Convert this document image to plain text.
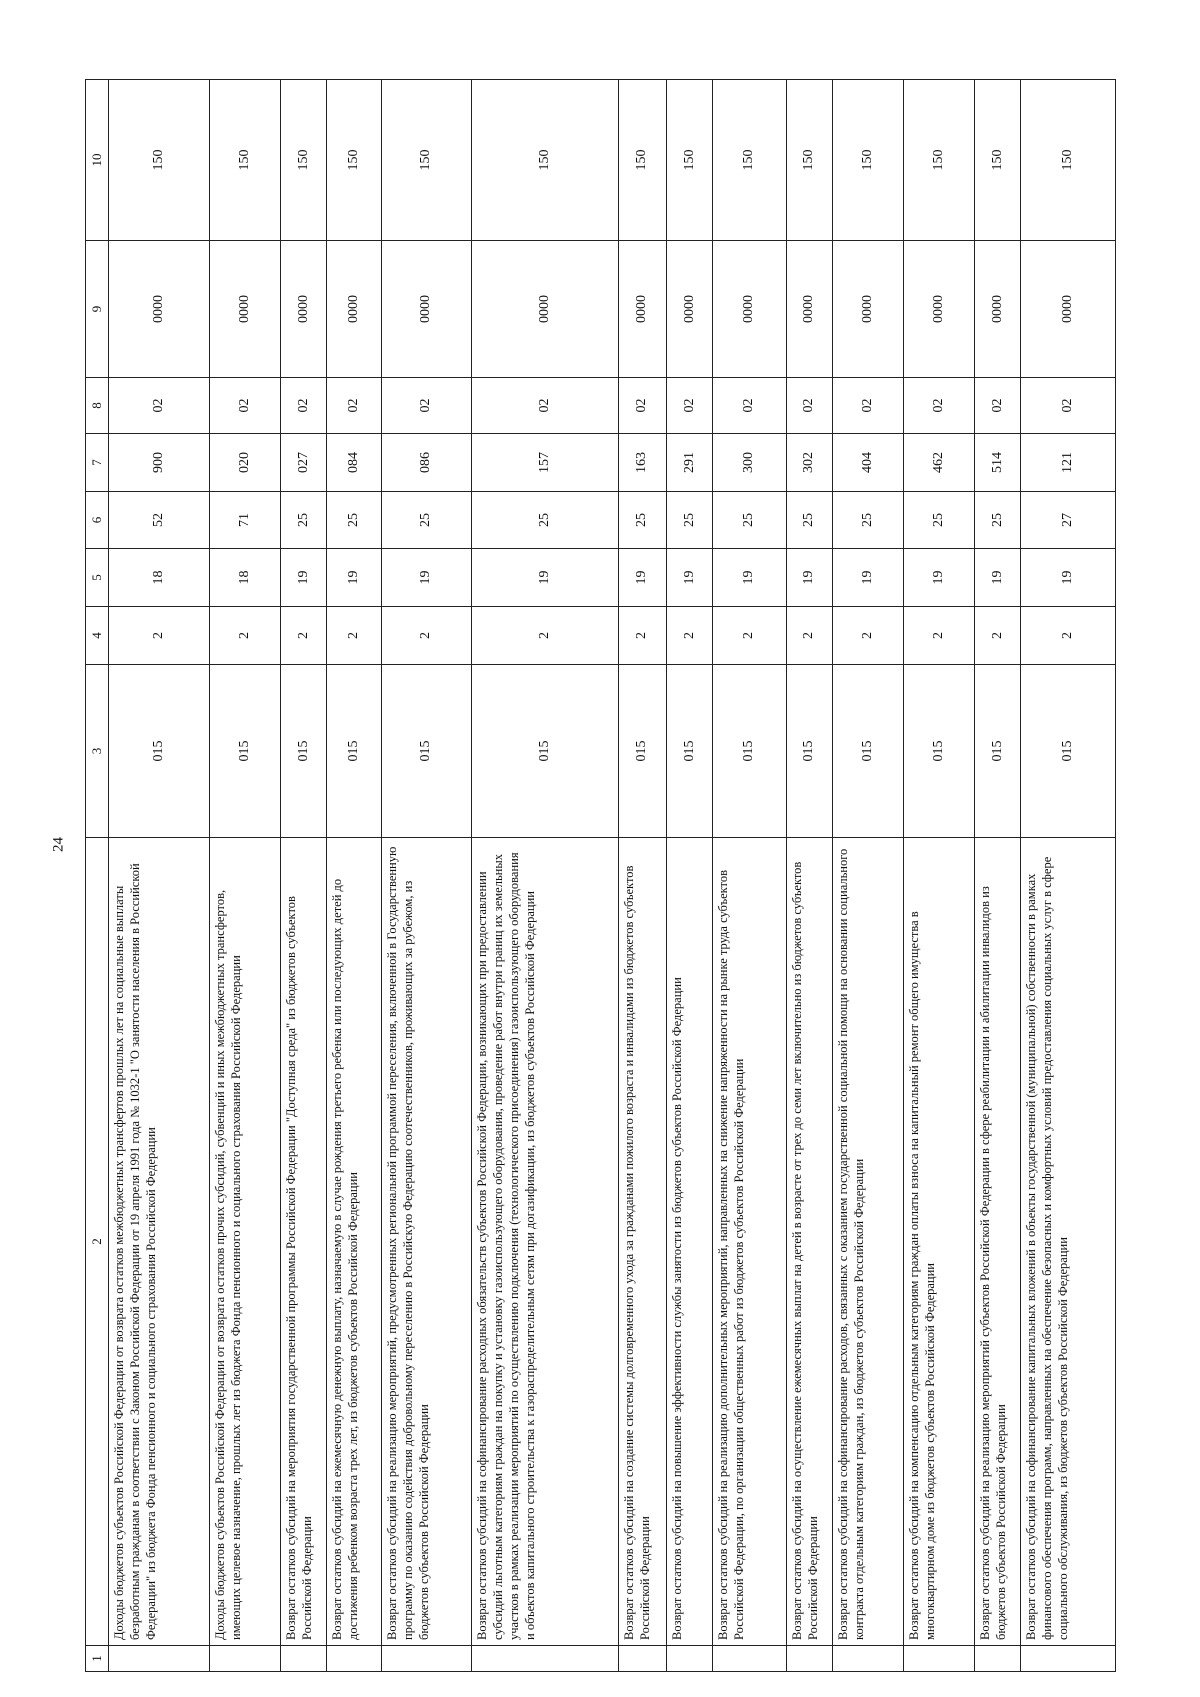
24
1	2	3	4	5	6	7	8	9	10
	Доходы бюджетов субъектов Российской Федерации от возврата остатков межбюджетных трансфертов прошлых лет на социальные выплаты безработным гражданам в соответствии с Законом Российской Федерации от 19 апреля 1991 года № 1032-1 "О занятости населения в Российской Федерации" из бюджета Фонда пенсионного и социального страхования Российской Федерации	015	2	18	52	900	02	0000	150
	Доходы бюджетов субъектов Российской Федерации от возврата остатков прочих субсидий, субвенций и иных межбюджетных трансфертов, имеющих целевое назначение, прошлых лет из бюджета Фонда пенсионного и социального страхования Российской Федерации	015	2	18	71	020	02	0000	150
	Возврат остатков субсидий на мероприятия государственной программы Российской Федерации "Доступная среда" из бюджетов субъектов Российской Федерации	015	2	19	25	027	02	0000	150
	Возврат остатков субсидий на ежемесячную денежную выплату, назначаемую в случае рождения третьего ребенка или последующих детей до достижения ребенком возраста трех лет, из бюджетов субъектов Российской Федерации	015	2	19	25	084	02	0000	150
	Возврат остатков субсидий на реализацию мероприятий, предусмотренных региональной программой переселения, включенной в Государственную программу по оказанию содействия добровольному переселению в Российскую Федерацию соотечественников, проживающих за рубежом, из бюджетов субъектов Российской Федерации	015	2	19	25	086	02	0000	150
	Возврат остатков субсидий на софинансирование расходных обязательств субъектов Российской Федерации, возникающих при предоставлении субсидий льготным категориям граждан на покупку и установку газоиспользующего оборудования, проведение работ внутри границ их земельных участков в рамках реализации мероприятий по осуществлению подключения (технологического присоединения) газоиспользующего оборудования и объектов капитального строительства к газораспределительным сетям при догазификации, из бюджетов субъектов Российской Федерации	015	2	19	25	157	02	0000	150
	Возврат остатков субсидий на создание системы долговременного ухода за гражданами пожилого возраста и инвалидами из бюджетов субъектов Российской Федерации	015	2	19	25	163	02	0000	150
	Возврат остатков субсидий на повышение эффективности службы занятости из бюджетов субъектов Российской Федерации	015	2	19	25	291	02	0000	150
	Возврат остатков субсидий на реализацию дополнительных мероприятий, направленных на снижение напряженности на рынке труда субъектов Российской Федерации, по организации общественных работ из бюджетов субъектов Российской Федерации	015	2	19	25	300	02	0000	150
	Возврат остатков субсидий на осуществление ежемесячных выплат на детей в возрасте от трех до семи лет включительно из бюджетов субъектов Российской Федерации	015	2	19	25	302	02	0000	150
	Возврат остатков субсидий на софинансирование расходов, связанных с оказанием государственной социальной помощи на основании социального контракта отдельным категориям граждан, из бюджетов субъектов Российской Федерации	015	2	19	25	404	02	0000	150
	Возврат остатков субсидий на компенсацию отдельным категориям граждан оплаты взноса на капитальный ремонт общего имущества в многоквартирном доме из бюджетов субъектов Российской Федерации	015	2	19	25	462	02	0000	150
	Возврат остатков субсидий на реализацию мероприятий субъектов Российской Федерации в сфере реабилитации и абилитации инвалидов из бюджетов субъектов Российской Федерации	015	2	19	25	514	02	0000	150
	Возврат остатков субсидий на софинансирование капитальных вложений в объекты государственной (муниципальной) собственности в рамках финансового обеспечения программ, направленных на обеспечение безопасных и комфортных условий предоставления социальных услуг в сфере социального обслуживания, из бюджетов субъектов Российской Федерации	015	2	19	27	121	02	0000	150
